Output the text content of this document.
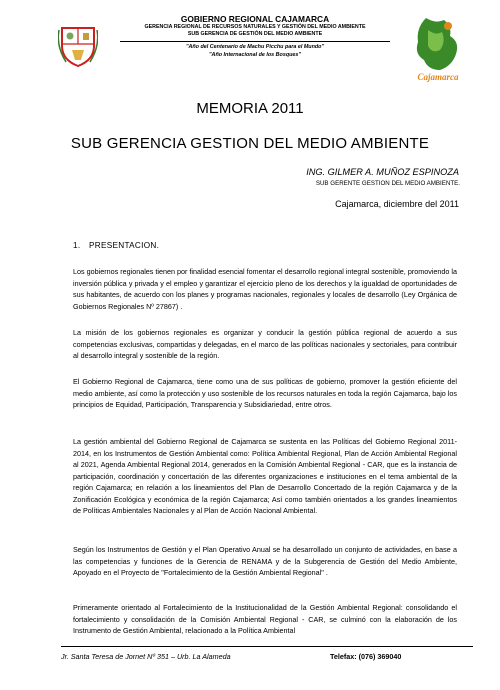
GOBIERNO REGIONAL CAJAMARCA

GERENCIA REGIONAL DE RECURSOS NATURALES Y GESTIÓN DEL MEDIO AMBIENTE

SUB GERENCIA DE GESTIÓN DEL MEDIO AMBIENTE

"Año del Centenario de Machu Picchu para el Mundo"

"Año Internacional de los Bosques"

Cajamarca
MEMORIA 2011
SUB GERENCIA GESTION DEL MEDIO AMBIENTE

ING. GILMER A. MUÑOZ ESPINOZA

SUB GERENTE GESTION DEL MEDIO AMBIENTE.

Cajamarca, diciembre del 2011

1. PRESENTACION.

Los gobiernos regionales tienen por finalidad esencial fomentar el desarrollo regional integral sostenible, promoviendo la inversión pública y privada y el empleo y garantizar el ejercicio pleno de los derechos y la igualdad de oportunidades de sus habitantes, de acuerdo con los planes y programas nacionales, regionales y locales de desarrollo (Ley Orgánica de Gobiernos Regionales Nº 27867) .

La misión de los gobiernos regionales es organizar y conducir la gestión pública regional de acuerdo a sus competencias exclusivas, compartidas y delegadas, en el marco de las políticas nacionales y sectoriales, para contribuir al desarrollo integral y sostenible de la región.

El Gobierno Regional de Cajamarca, tiene como una de sus políticas de gobierno, promover la gestión eficiente del medio ambiente, así como la protección y uso sostenible de los recursos naturales en toda la región Cajamarca, bajo los principios de Equidad, Participación, Transparencia y Subsidiariedad, entre otros.

La gestión ambiental del Gobierno Regional de Cajamarca se sustenta en las Políticas del Gobierno Regional 2011-2014, en los Instrumentos de Gestión Ambiental como: Política Ambiental Regional, Plan de Acción Ambiental Regional al 2021, Agenda Ambiental Regional 2014, generados en la Comisión Ambiental Regional - CAR, que es la instancia de participación, coordinación y concertación de las diferentes organizaciones e instituciones en el tema ambiental de la región Cajamarca; en relación a los lineamientos del Plan de Desarrollo Concertado de la región Cajamarca y de la Zonificación Ecológica y económica de la región Cajamarca; Así como también orientados a los grandes lineamientos de Políticas Ambientales Nacionales y al Plan de Acción Nacional Ambiental.

Según los Instrumentos de Gestión y el Plan Operativo Anual se ha desarrollado un conjunto de actividades, en base a las competencias y funciones de la Gerencia de RENAMA y de la Subgerencia de Gestión del Medio Ambiente, Apoyado en el Proyecto de "Fortalecimiento de la Gestión Ambiental Regional" .

Primeramente orientado al Fortalecimiento de la Institucionalidad de la Gestión Ambiental Regional: consolidando el fortalecimiento y consolidación de la Comisión Ambiental Regional - CAR, se culminó con la elaboración de los Instrumento de Gestión Ambiental, relacionado a la Política Ambiental

Jr. Santa Teresa de Jornet Nº 351 – Urb. La Alameda	Telefax: (076) 369040
